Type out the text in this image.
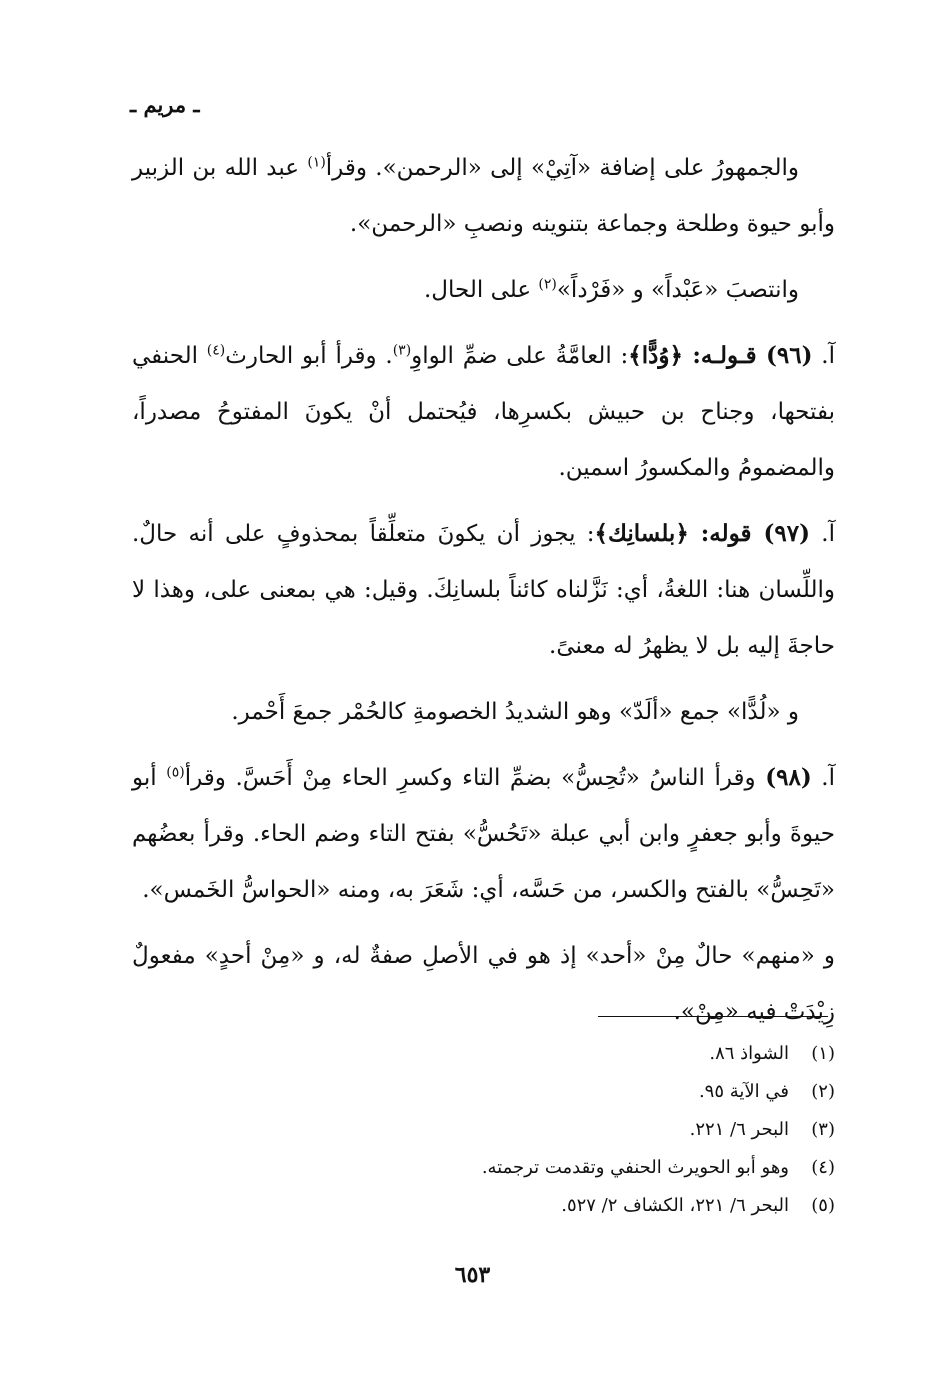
ـ مريم ـ

والجمهورُ على إضافة «آتِيْ» إلى «الرحمن». وقرأ$^{(١)}$ عبد الله بن الزبير وأبو حيوة وطلحة وجماعة بتنوينه ونصبِ «الرحمن».

وانتصبَ «عَبْداً» و «فَرْداً»$^{(٢)}$ على الحال.

آ. (٩٦) قـولـه: ﴿وُدًّا﴾: العامَّةُ على ضمِّ الواوِ$^{(٣)}$. وقرأ أبو الحارث$^{(٤)}$ الحنفي بفتحها، وجناح بن حبيش بكسرِها، فيُحتمل أنْ يكونَ المفتوحُ مصدراً، والمضمومُ والمكسورُ اسمين.

آ. (٩٧) قوله: ﴿بلسانِك﴾: يجوز أن يكونَ متعلِّقاً بمحذوفٍ على أنه حالٌ. واللِّسان هنا: اللغةُ، أي: نَزَّلناه كائناً بلسانِكَ. وقيل: هي بمعنى على، وهذا لا حاجةَ إليه بل لا يظهرُ له معنىً.

و «لُدًّا» جمع «ألَدّ» وهو الشديدُ الخصومةِ كالحُمْر جمعَ أَحْمر.

آ. (٩٨) وقرأ الناسُ «تُحِسُّ» بضمِّ التاء وكسرِ الحاء مِنْ أَحَسَّ. وقرأ$^{(٥)}$ أبو حيوةَ وأبو جعفرٍ وابن أبي عبلة «تَحُسُّ» بفتح التاء وضم الحاء. وقرأ بعضُهم «تَحِسُّ» بالفتح والكسر، من حَسَّه، أي: شَعَرَ به، ومنه «الحواسُّ الخَمس».

و «منهم» حالٌ مِنْ «أحد» إذ هو في الأصلِ صفةٌ له، و «مِنْ أحدٍ» مفعولٌ زِيْدَتْ فيه «مِنْ».

(١)الشواذ ٨٦.
(٢)في الآية ٩٥.
(٣)البحر ٦/ ٢٢١.
(٤)وهو أبو الحويرث الحنفي وتقدمت ترجمته.
(٥)البحر ٦/ ٢٢١، الكشاف ٢/ ٥٢٧.
٦٥٣
